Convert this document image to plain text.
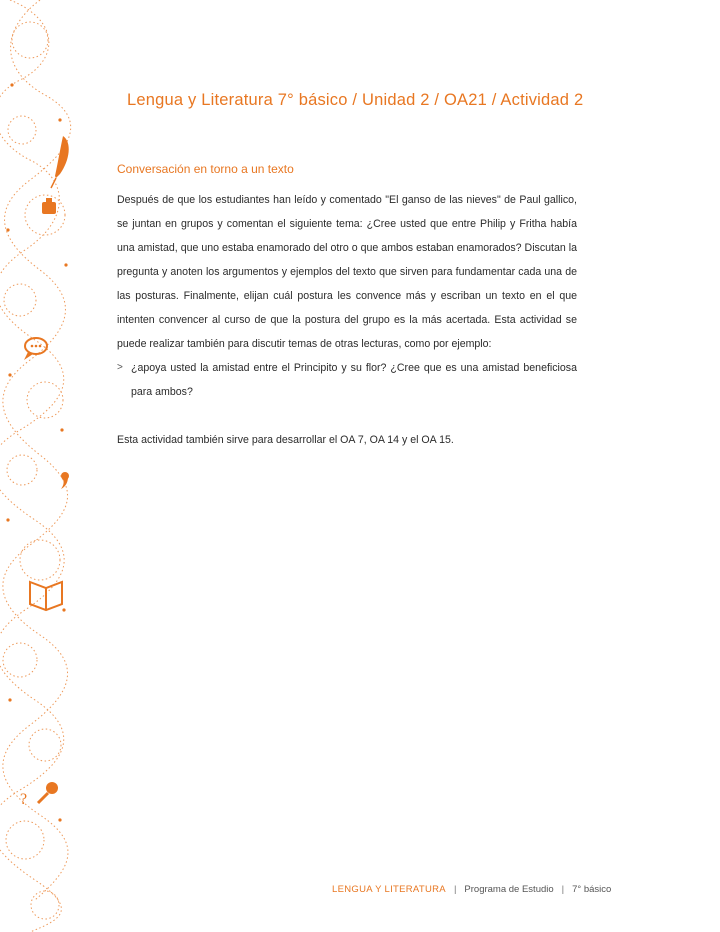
?
Lengua y Literatura 7° básico / Unidad 2 / OA21 / Actividad 2
Conversación en torno a un texto

Después de que los estudiantes han leído y comentado "El ganso de las nieves" de Paul gallico, se juntan en grupos y comentan el siguiente tema: ¿Cree usted que entre Philip y Fritha había una amistad, que uno estaba enamorado del otro o que ambos estaban enamorados? Discutan la pregunta y anoten los argumentos y ejemplos del texto que sirven para fundamentar cada una de las posturas. Finalmente, elijan cuál postura les convence más y escriban un texto en el que intenten convencer al curso de que la postura del grupo es la más acertada. Esta actividad se puede realizar también para discutir temas de otras lecturas, como por ejemplo:

> ¿apoya usted la amistad entre el Principito y su flor? ¿Cree que es una amistad beneficiosa para ambos?

Esta actividad también sirve para desarrollar el OA 7, OA 14 y el OA 15.

LENGUA Y LITERATURA | Programa de Estudio | 7° básico
